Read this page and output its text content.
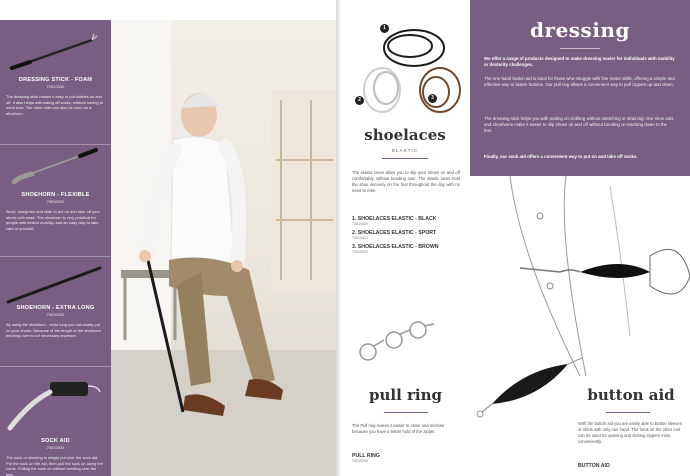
DRESSING STICK - FOAM
70010030
The dressing stick makes it easy to put clothes on and off. It also helps with taking off socks, without having to bend over. The other side can also be used as a shoehorn.
SHOEHORN - FLEXIBLE
70010031
Bend, straighten and slide to put on and take off your shoes with ease. The shoehorn is very practical for people with limited mobility, and an easy way to take care of yourself.
SHOEHORN - EXTRA LONG
70010033
By using the shoehorn - extra long you can easily put on your shoes. Because of the length of the shoehorn bending over is not necessary anymore.
SOCK AID
70010034
The sock or stocking is simply put over the sock aid. Put the sock on the aid, then pull the sock on using the cords. Pulling the sock on without bending over the feet.
1
2	3
shoelaces
ELASTIC
The elastic laces allow you to slip your shoes on and off comfortably, without bending over. The elastic laces hold the shoe securely on the foot throughout the day with no need to retie.
1. SHOELACES ELASTIC - BLACK
70010020
2. SHOELACES ELASTIC - SPORT
70010021
3. SHOELACES ELASTIC - BROWN
70010022
dressing
We offer a range of products designed to make dressing easier for individuals with mobility or dexterity challenges.
The one-hand button aid is ideal for those who struggle with fine motor skills, offering a simple and effective way to fasten buttons. Our pull ring allows a convenient way to pull zippers up and down.
The dressing stick helps you with putting on clothing without stretching or straining. Our shoe aids and shoehorns make it easier to slip shoes on and off without bending or reaching down to the feet.
Finally, our sock aid offers a convenient way to put on and take off socks.
pull ring
The Pull ring makes it easier to close and unclose because you have a better hold of the zipper.
PULL RING
70010040
button aid
With the button aid you are easily able to button sleeves or shirts with only one hand. The hook on the other end can be used for opening and closing zippers more conveniently.
BUTTON AID
